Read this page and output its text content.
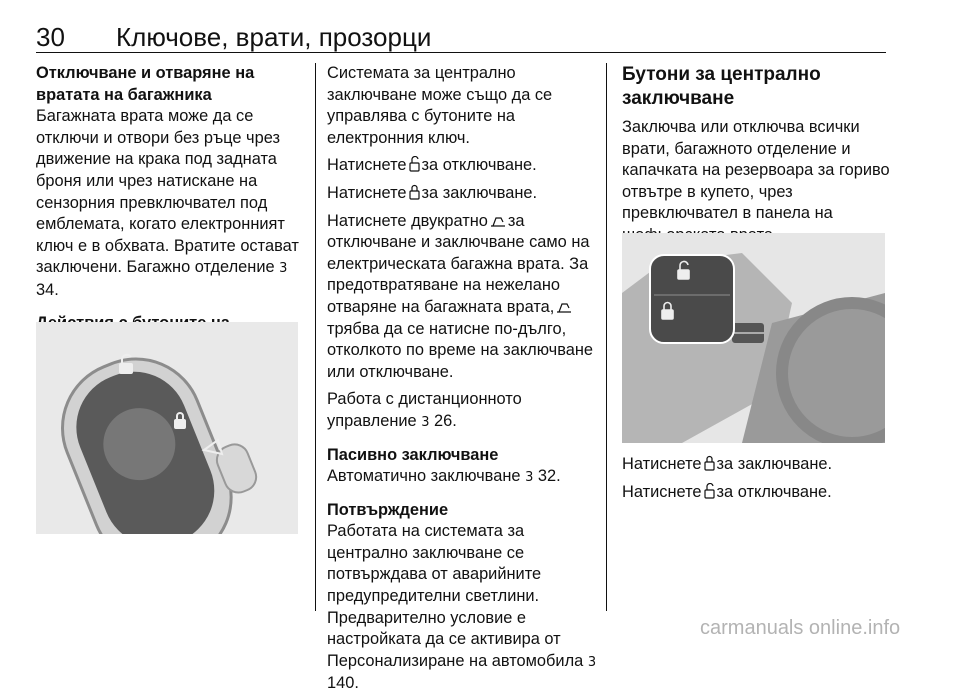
30 Ключове, врати, прозорци

Отключване и отваряне на вратата на багажника

Багажната врата може да се отключи и отвори без ръце чрез движение на крака под задната броня или чрез натискане на сензорния превключвател под емблемата, когато електронният ключ е в обхвата. Вратите остават заключени. Багажно отделение 3 34.

Системата за централно заключване може също да се управлява с бутоните на електронния ключ.

Натиснете за отключване.

Натиснете за заключване.

Натиснете двукратно за отключване и заключване само на електрическата багажна врата. За предотвратяване на нежелано отваряне на багажната врата,трябва да се натисне по-дълго, отколкото по време на заключване или отключване.

Работа с дистанционното управление 3 26.

Пасивно заключване

Автоматично заключване 3 32.

Потвърждение

Работата на системата за централно заключване се потвърждава от аварийните предупредителни светлини. Предварително условие е настройката да се активира от Персонализиране на автомобила 3 140.

Бутони за централно заключване

Заключва или отключва всички врати, багажното отделение и капачката на резервоара за гориво отвътре в купето, чрез превключвател в панела на

Натиснете за заключване.

Натиснете за отключване.

carmanuals online.info
